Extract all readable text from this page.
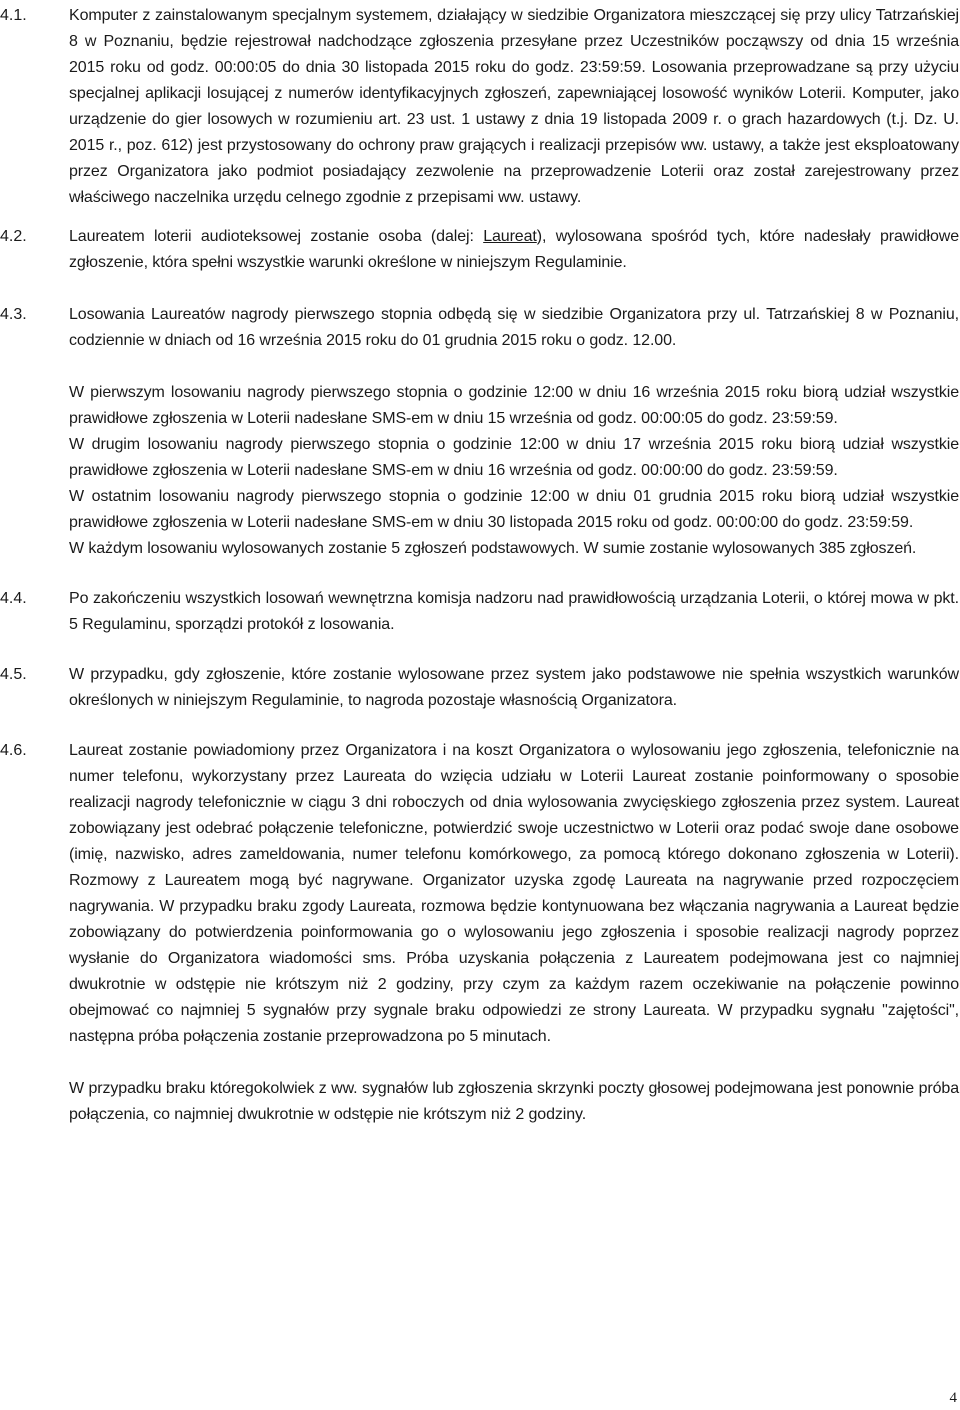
4.1.	Komputer z zainstalowanym specjalnym systemem, działający w siedzibie Organizatora mieszczącej się przy ulicy Tatrzańskiej 8 w Poznaniu, będzie rejestrował nadchodzące zgłoszenia przesyłane przez Uczestników począwszy od dnia 15 września 2015 roku od godz. 00:00:05 do dnia 30 listopada 2015 roku do godz. 23:59:59. Losowania przeprowadzane są przy użyciu specjalnej aplikacji losującej z numerów identyfikacyjnych zgłoszeń, zapewniającej losowość wyników Loterii. Komputer, jako urządzenie do gier losowych w rozumieniu art. 23 ust. 1 ustawy z dnia 19 listopada 2009 r. o grach hazardowych (t.j. Dz. U. 2015 r., poz. 612) jest przystosowany do ochrony praw grających i realizacji przepisów ww. ustawy, a także jest eksploatowany przez Organizatora jako podmiot posiadający zezwolenie na przeprowadzenie Loterii oraz został zarejestrowany przez właściwego naczelnika urzędu celnego zgodnie z przepisami ww. ustawy.

4.2.	Laureatem loterii audioteksowej zostanie osoba (dalej: Laureat), wylosowana spośród tych, które nadesłały prawidłowe zgłoszenie, która spełni wszystkie warunki określone w niniejszym Regulaminie.

4.3.	Losowania Laureatów nagrody pierwszego stopnia odbędą się w siedzibie Organizatora przy ul. Tatrzańskiej 8 w Poznaniu, codziennie w dniach od 16 września 2015 roku do 01 grudnia 2015 roku o godz. 12.00.

W pierwszym losowaniu nagrody pierwszego stopnia o godzinie 12:00 w dniu 16 września 2015 roku biorą udział wszystkie prawidłowe zgłoszenia w Loterii nadesłane SMS-em w dniu 15 września od godz. 00:00:05 do godz. 23:59:59.

W drugim losowaniu nagrody pierwszego stopnia o godzinie 12:00 w dniu 17 września 2015 roku biorą udział wszystkie prawidłowe zgłoszenia w Loterii nadesłane SMS-em w dniu 16 września od godz. 00:00:00 do godz. 23:59:59.

W ostatnim losowaniu nagrody pierwszego stopnia o godzinie 12:00 w dniu 01 grudnia 2015 roku biorą udział wszystkie prawidłowe zgłoszenia w Loterii nadesłane SMS-em w dniu 30 listopada 2015 roku od godz. 00:00:00 do godz. 23:59:59.

W każdym losowaniu wylosowanych zostanie 5 zgłoszeń podstawowych. W sumie zostanie wylosowanych 385 zgłoszeń.

4.4.	Po zakończeniu wszystkich losowań wewnętrzna komisja nadzoru nad prawidłowością urządzania Loterii, o której mowa w pkt. 5 Regulaminu, sporządzi protokół z losowania.

4.5.	W przypadku, gdy zgłoszenie, które zostanie wylosowane przez system jako podstawowe nie spełnia wszystkich warunków określonych w niniejszym Regulaminie, to nagroda pozostaje własnością Organizatora.

4.6.	Laureat zostanie powiadomiony przez Organizatora i na koszt Organizatora o wylosowaniu jego zgłoszenia, telefonicznie na numer telefonu, wykorzystany przez Laureata do wzięcia udziału w Loterii Laureat zostanie poinformowany o sposobie realizacji nagrody telefonicznie w ciągu 3 dni roboczych od dnia wylosowania zwycięskiego zgłoszenia przez system. Laureat zobowiązany jest odebrać połączenie telefoniczne, potwierdzić swoje uczestnictwo w Loterii oraz podać swoje dane osobowe (imię, nazwisko, adres zameldowania, numer telefonu komórkowego, za pomocą którego dokonano zgłoszenia w Loterii). Rozmowy z Laureatem mogą być nagrywane. Organizator uzyska zgodę Laureata na nagrywanie przed rozpoczęciem nagrywania. W przypadku braku zgody Laureata, rozmowa będzie kontynuowana bez włączania nagrywania a Laureat będzie zobowiązany do potwierdzenia poinformowania go o wylosowaniu jego zgłoszenia i sposobie realizacji nagrody poprzez wysłanie do Organizatora wiadomości sms. Próba uzyskania połączenia z Laureatem podejmowana jest co najmniej dwukrotnie w odstępie nie krótszym niż 2 godziny, przy czym za każdym razem oczekiwanie na połączenie powinno obejmować co najmniej 5 sygnałów przy sygnale braku odpowiedzi ze strony Laureata. W przypadku sygnału "zajętości", następna próba połączenia zostanie przeprowadzona po 5 minutach.

W przypadku braku któregokolwiek z ww. sygnałów lub zgłoszenia skrzynki poczty głosowej podejmowana jest ponownie próba połączenia, co najmniej dwukrotnie w odstępie nie krótszym niż 2 godziny.

4
